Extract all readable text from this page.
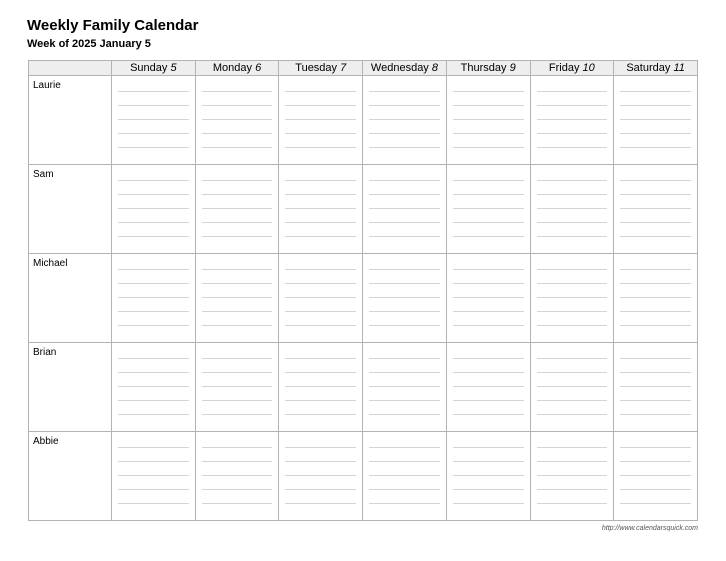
Weekly Family Calendar
Week of 2025 January 5
	Sunday 5	Monday 6	Tuesday 7	Wednesday 8	Thursday 9	Friday 10	Saturday 11

Laurie							

Sam							

Michael							

Brian							

Abbie							

http://www.calendarsquick.com
